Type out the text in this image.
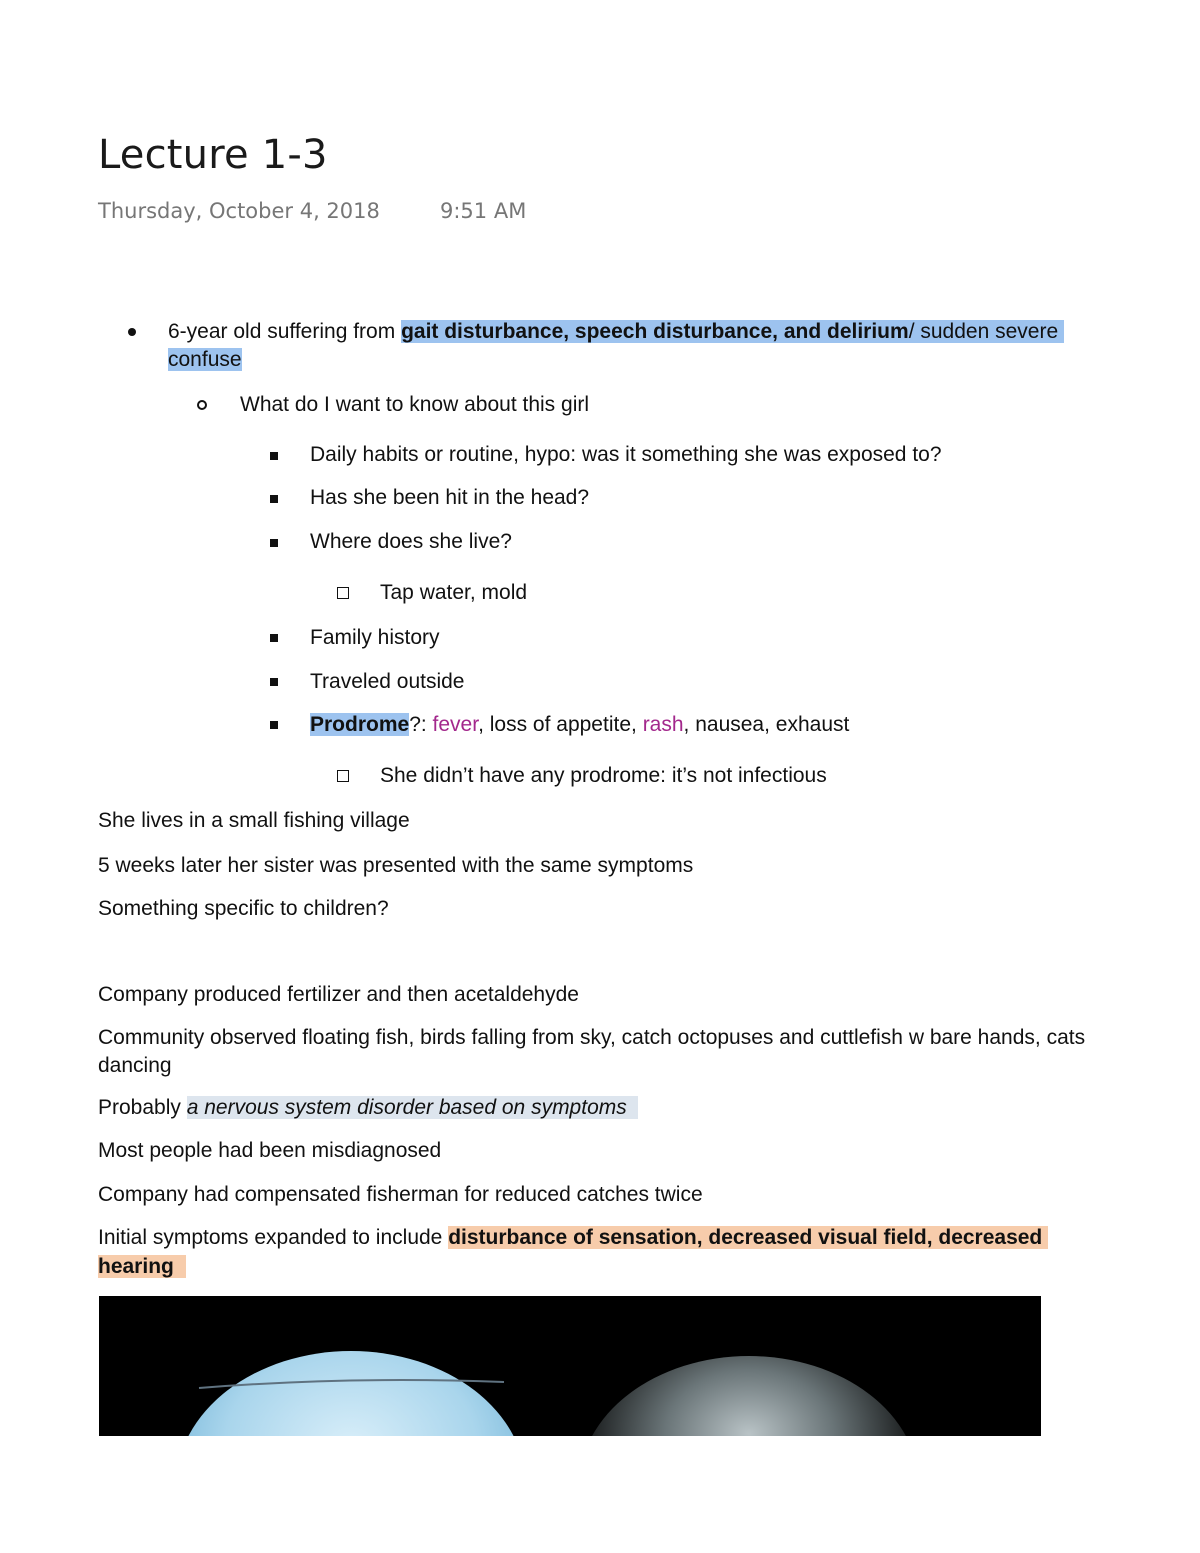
Lecture 1-3
Thursday, October 4, 2018	9:51 AM
6-year old suffering from gait disturbance, speech disturbance, and delirium/ sudden severe
confuse
What do I want to know about this girl
Daily habits or routine, hypo: was it something she was exposed to?
Has she been hit in the head?
Where does she live?
Tap water, mold
Family history
Traveled outside
Prodrome?: fever, loss of appetite, rash, nausea, exhaust
She didn’t have any prodrome: it’s not infectious
She lives in a small fishing village
5 weeks later her sister was presented with the same symptoms
Something specific to children?
Company produced fertilizer and then acetaldehyde
Community observed floating fish, birds falling from sky, catch octopuses and cuttlefish w bare hands, cats
dancing
Probably a nervous system disorder based on symptoms
Most people had been misdiagnosed
Company had compensated fisherman for reduced catches twice
Initial symptoms expanded to include disturbance of sensation, decreased visual field, decreased
hearing
